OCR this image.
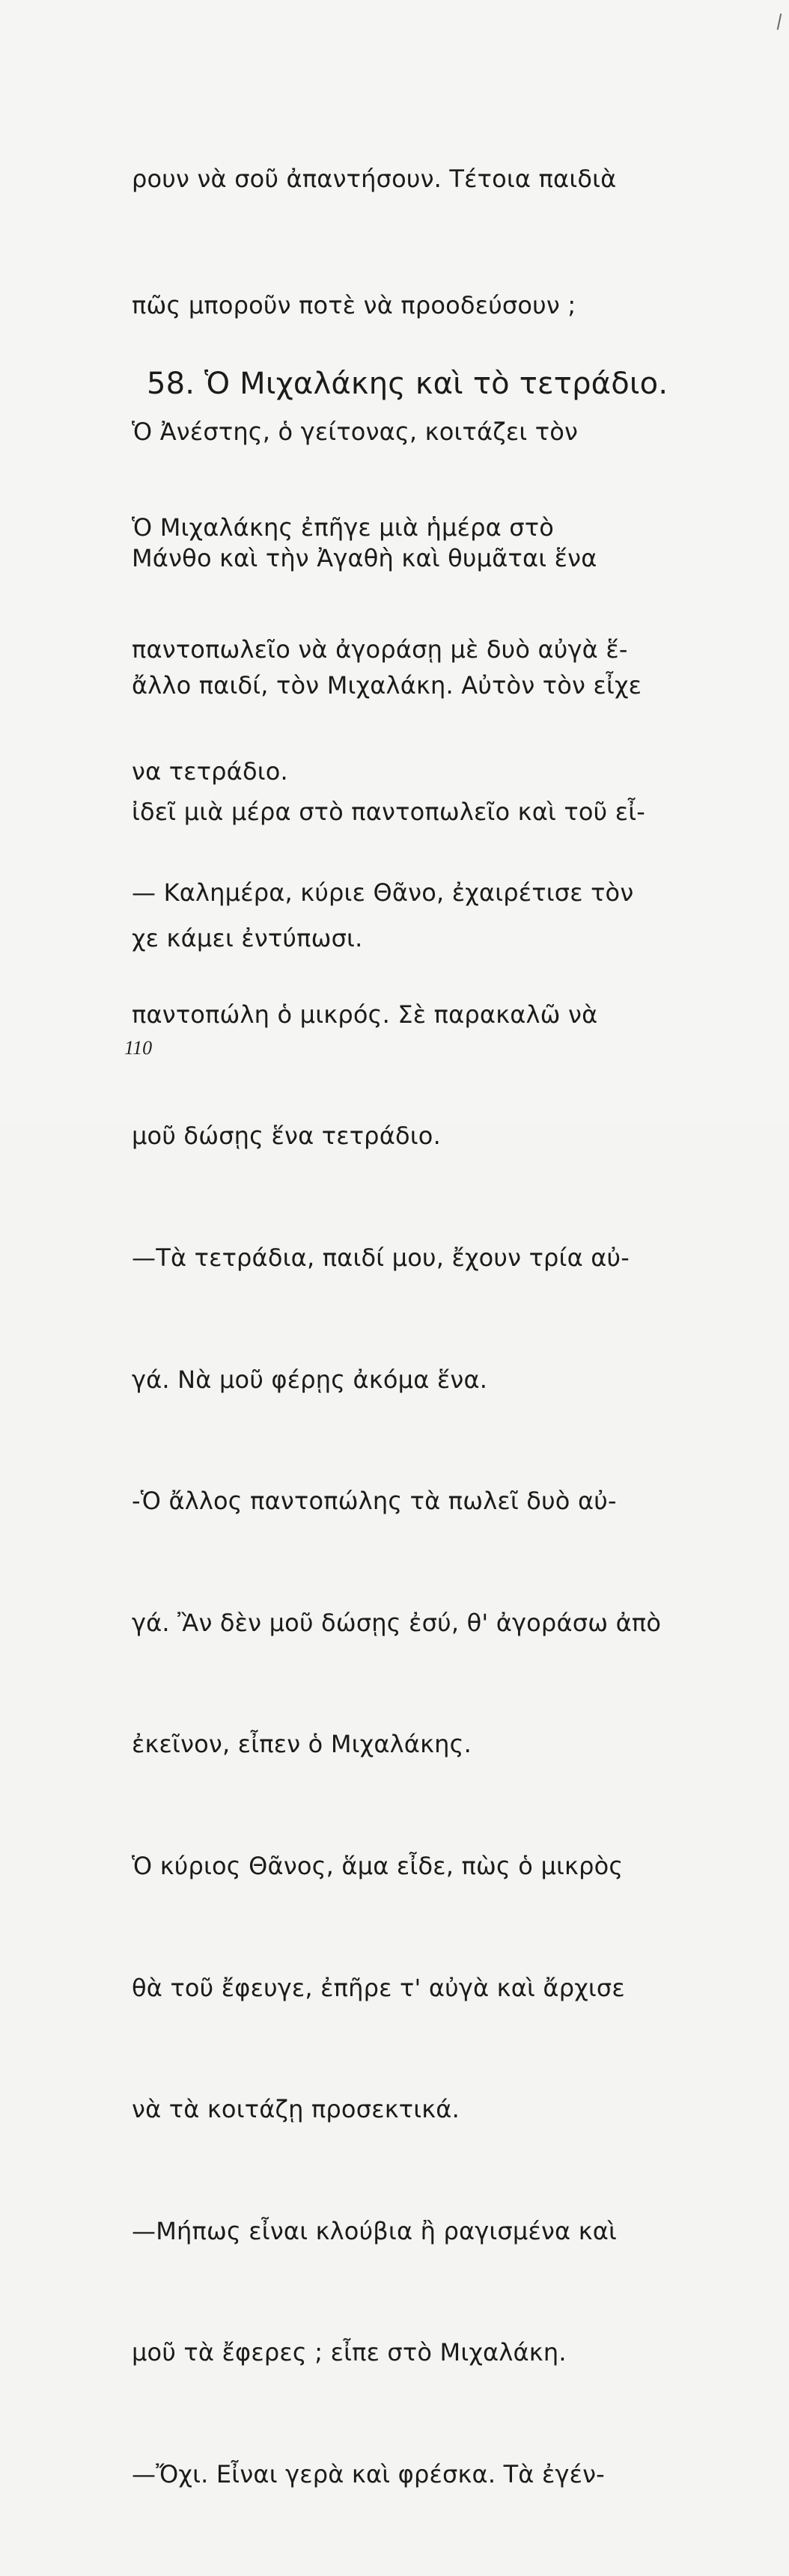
ρουν νὰ σοῦ ἀπαντήσουν. Τέτοια παιδιὰ

πῶς μποροῦν ποτὲ νὰ προοδεύσουν ;

Ὁ Ἀνέστης, ὁ γείτονας, κοιτάζει τὸν

Μάνθο καὶ τὴν Ἀγαθὴ καὶ θυμᾶται ἕνα

ἄλλο παιδί, τὸν Μιχαλάκη. Αὐτὸν τὸν εἶχε

ἰδεῖ μιὰ μέρα στὸ παντοπωλεῖο καὶ τοῦ εἶ-

χε κάμει ἐντύπωσι.

58. Ὁ Μιχαλάκης καὶ τὸ τετράδιο.

Ὁ Μιχαλάκης ἐπῆγε μιὰ ἡμέρα στὸ

παντοπωλεῖο νὰ ἀγοράσῃ μὲ δυὸ αὐγὰ ἕ-

να τετράδιο.

— Καλημέρα, κύριε Θᾶνο, ἐχαιρέτισε τὸν

παντοπώλη ὁ μικρός. Σὲ παρακαλῶ νὰ

μοῦ δώσῃς ἕνα τετράδιο.

—Τὰ τετράδια, παιδί μου, ἔχουν τρία αὐ-

γά. Νὰ μοῦ φέρῃς ἀκόμα ἕνα.

-Ὁ ἄλλος παντοπώλης τὰ πωλεῖ δυὸ αὐ-

γά. Ἂν δὲν μοῦ δώσῃς ἐσύ, θ' ἀγοράσω ἀπὸ

ἐκεῖνον, εἶπεν ὁ Μιχαλάκης.

Ὁ κύριος Θᾶνος, ἅμα εἶδε, πὼς ὁ μικρὸς

θὰ τοῦ ἔφευγε, ἐπῆρε τ' αὐγὰ καὶ ἄρχισε

νὰ τὰ κοιτάζῃ προσεκτικά.

—Μήπως εἶναι κλούβια ἢ ραγισμένα καὶ

μοῦ τὰ ἔφερες ; εἶπε στὸ Μιχαλάκη.

—Ὄχι. Εἶναι γερὰ καὶ φρέσκα. Τὰ ἐγέν-

110
